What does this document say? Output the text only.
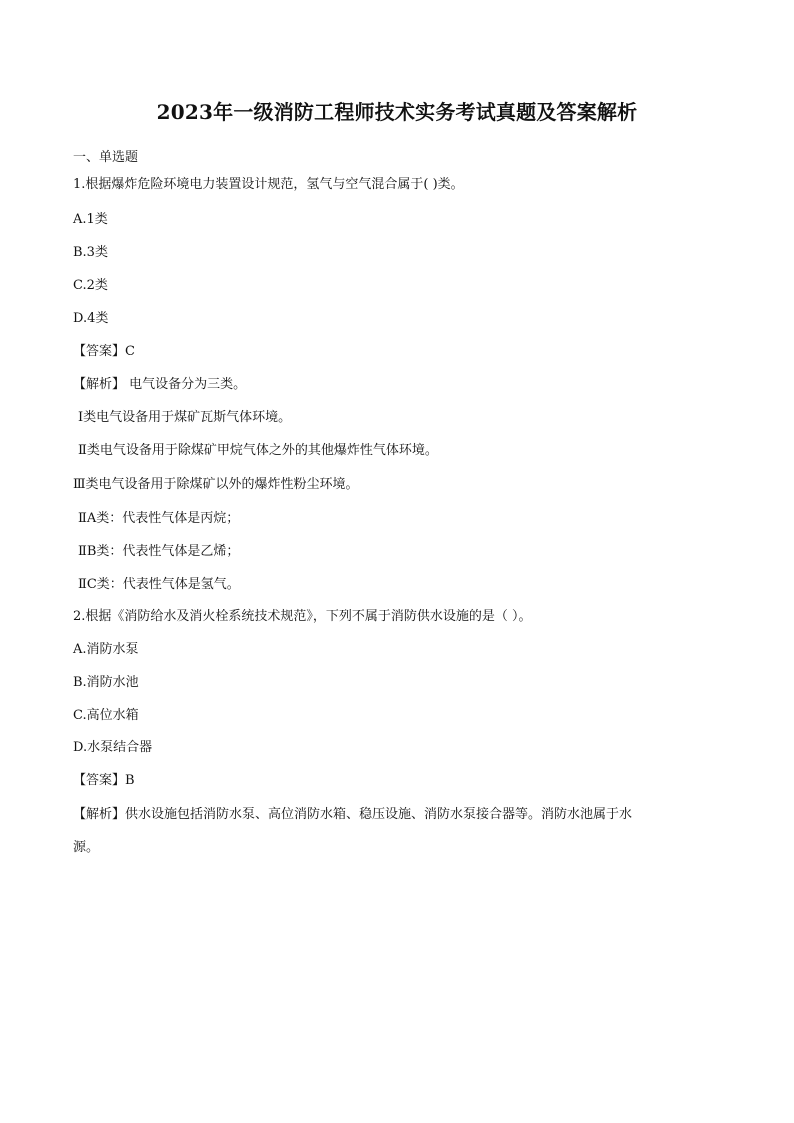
2023年一级消防工程师技术实务考试真题及答案解析
一、单选题
1.根据爆炸危险环境电力装置设计规范，氢气与空气混合属于( )类。
A.1类
B.3类
C.2类
D.4类
【答案】C
【解析】 电气设备分为三类。
Ⅰ类电气设备用于煤矿瓦斯气体环境。
Ⅱ类电气设备用于除煤矿甲烷气体之外的其他爆炸性气体环境。
Ⅲ类电气设备用于除煤矿以外的爆炸性粉尘环境。
ⅡA类：代表性气体是丙烷；
ⅡB类：代表性气体是乙烯；
ⅡC类：代表性气体是氢气。
2.根据《消防给水及消火栓系统技术规范》，下列不属于消防供水设施的是（ ）。
A.消防水泵
B.消防水池
C.高位水箱
D.水泵结合器
【答案】B
【解析】供水设施包括消防水泵、高位消防水箱、稳压设施、消防水泵接合器等。消防水池属于水源。
